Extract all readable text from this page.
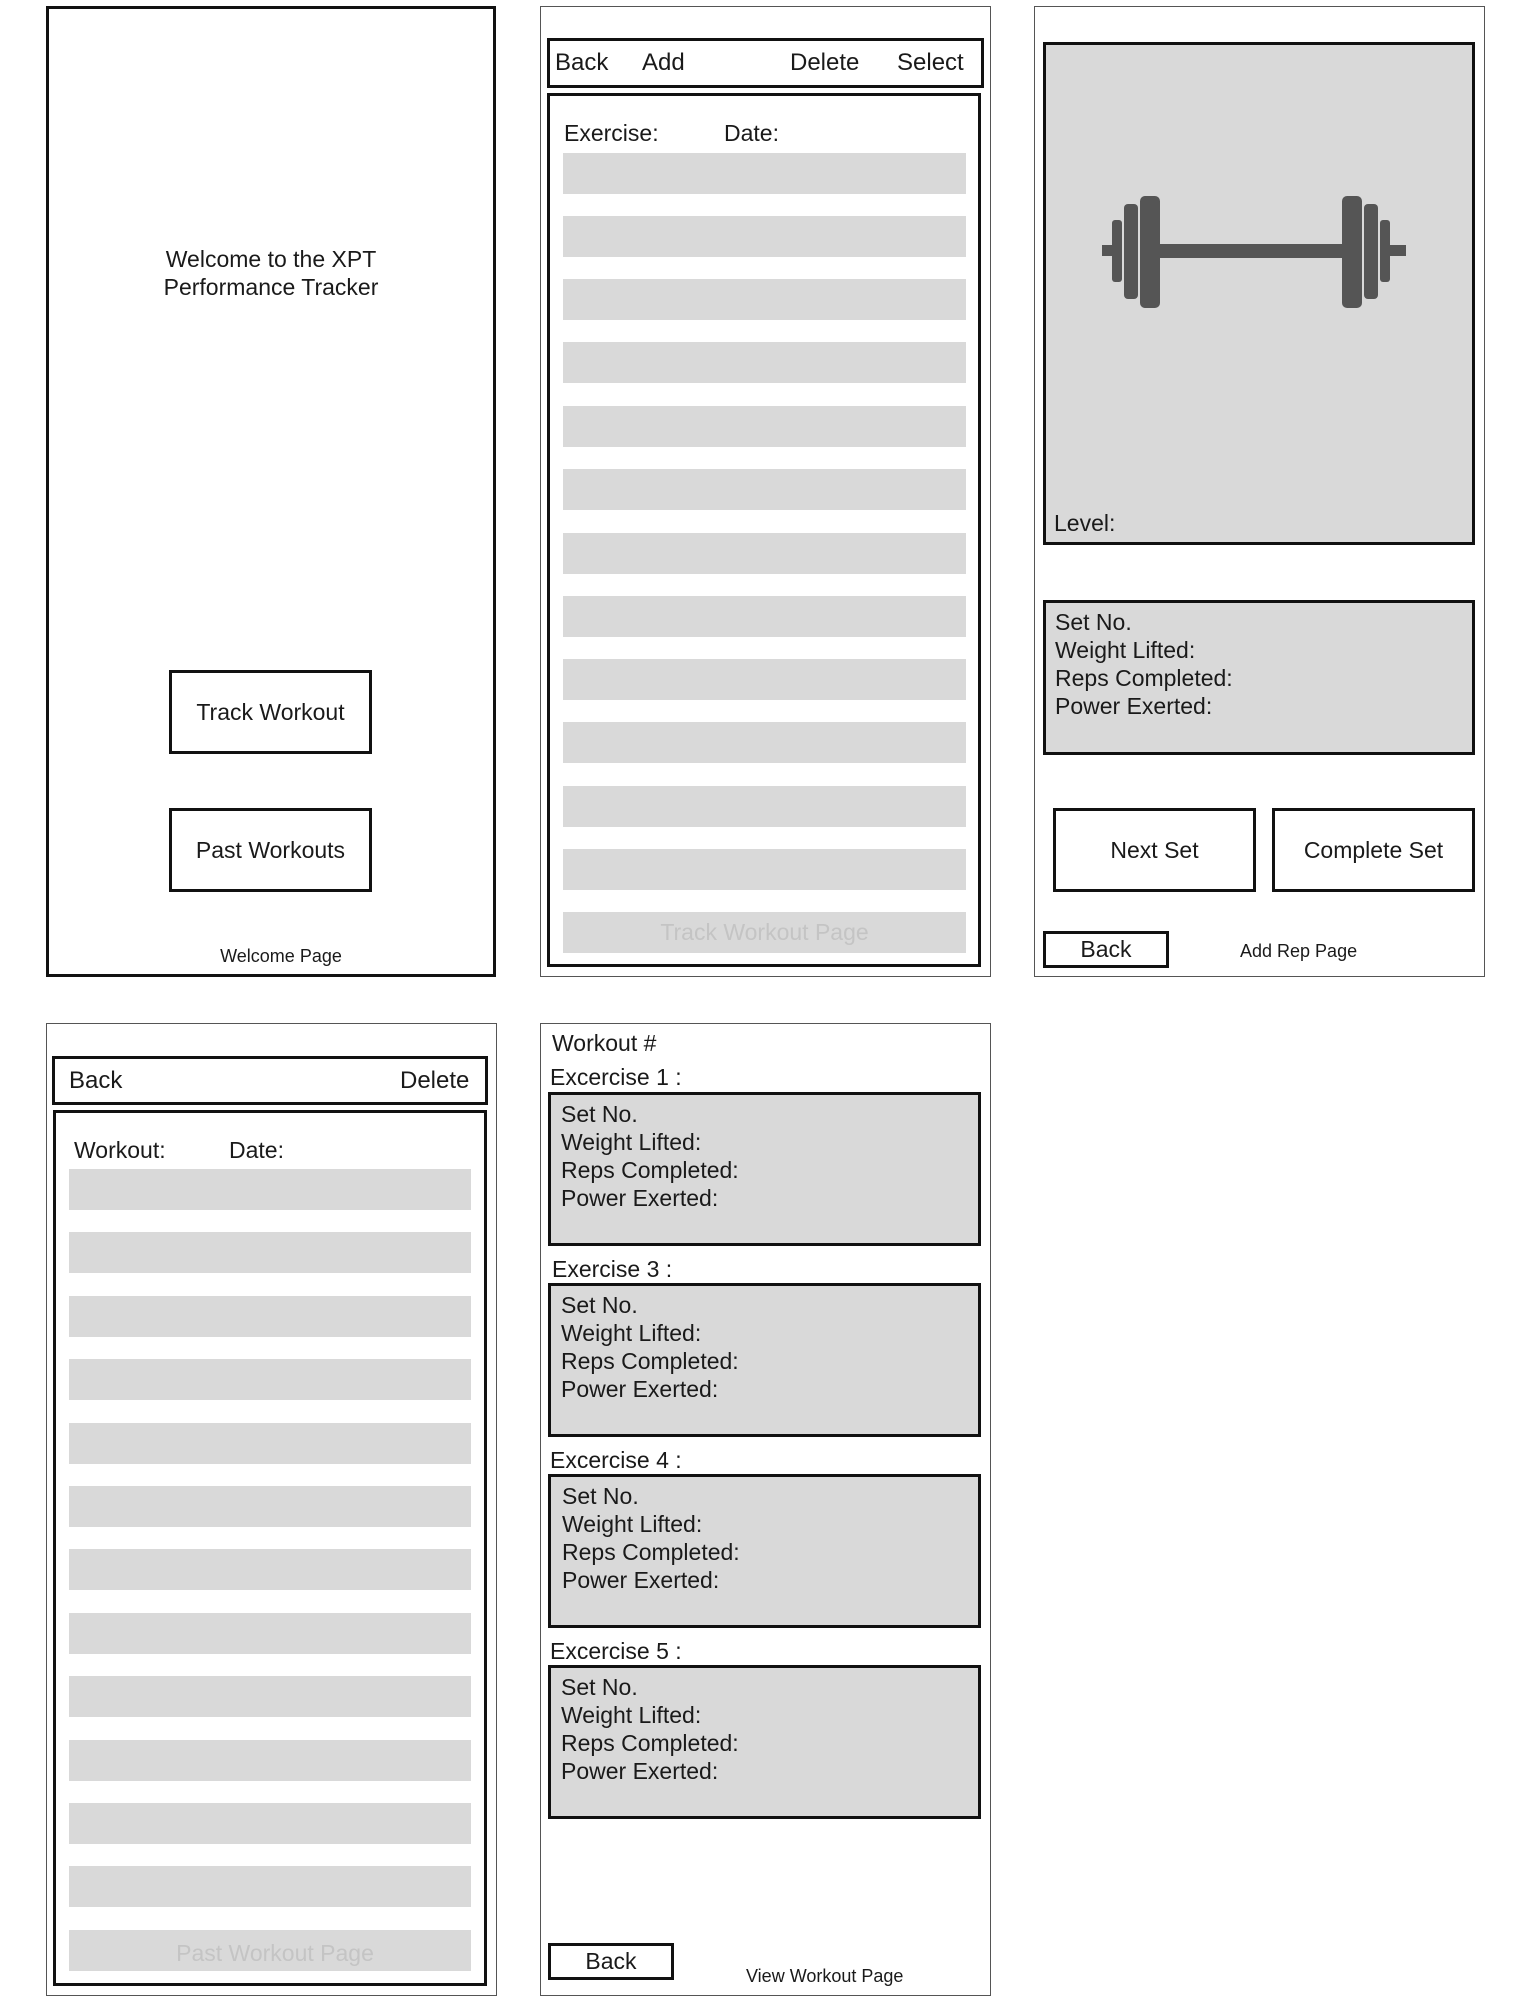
Welcome to the XPT
Performance Tracker
Track Workout
Past Workouts
Welcome Page
Back Add	Delete Select
Exercise:	Date:
Track Workout Page
Level:
Set No.
Weight Lifted:
Reps Completed:
Power Exerted:
Next Set	Complete Set
Back	Add Rep Page
Back	Delete
Workout:	Date:
Past Workout Page
Workout #
Excercise 1 :
Set No.
Weight Lifted:
Reps Completed:
Power Exerted:
Exercise 3 :
Set No.
Weight Lifted:
Reps Completed:
Power Exerted:
Excercise 4 :
Set No.
Weight Lifted:
Reps Completed:
Power Exerted:
Excercise 5 :
Set No.
Weight Lifted:
Reps Completed:
Power Exerted:
Back
View Workout Page
